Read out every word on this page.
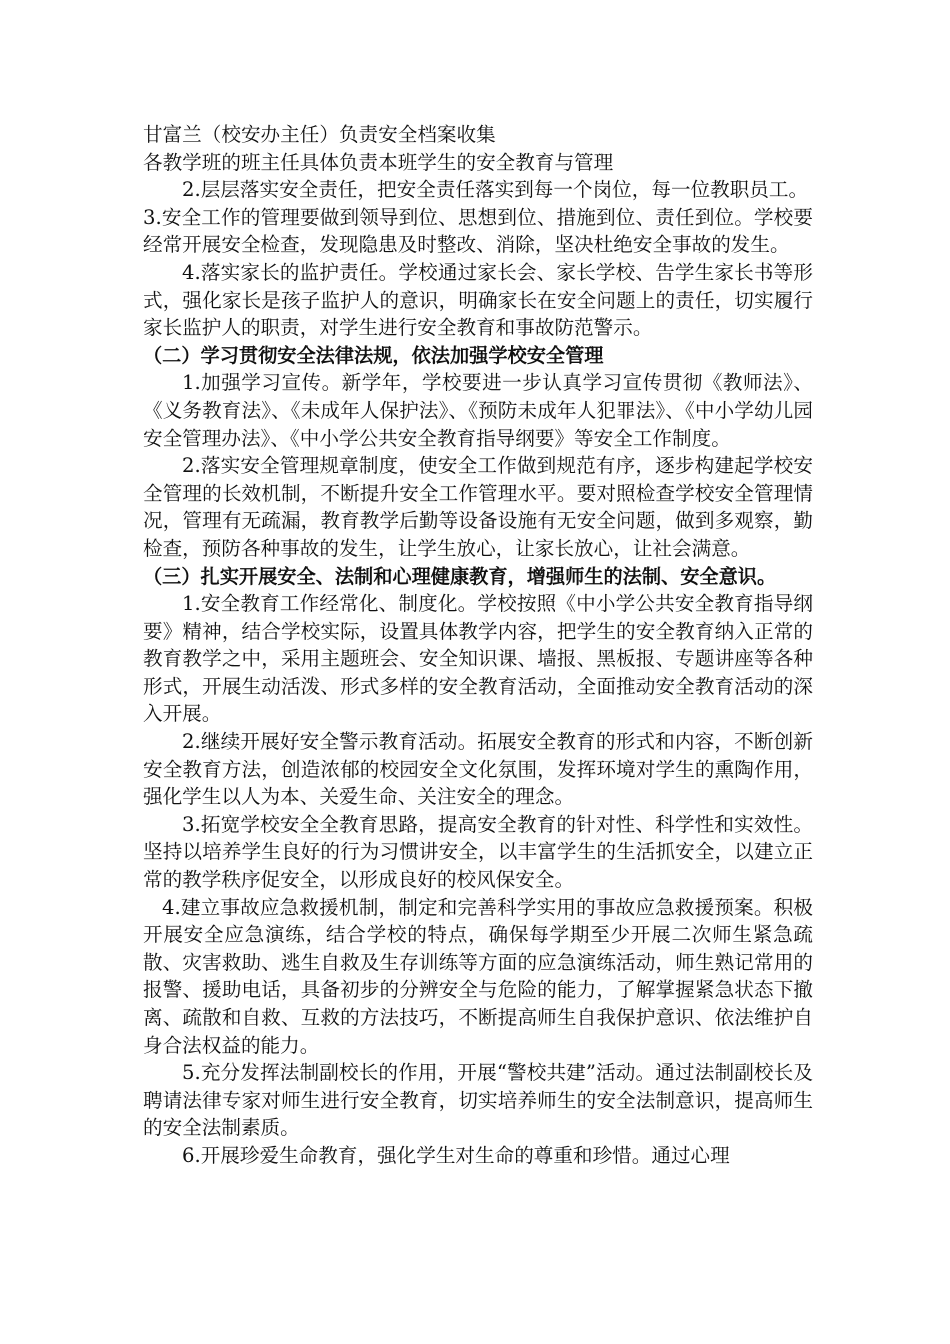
甘富兰（校安办主任）负责安全档案收集

各教学班的班主任具体负责本班学生的安全教育与管理

2.层层落实安全责任，把安全责任落实到每一个岗位，每一位教职员工。

3.安全工作的管理要做到领导到位、思想到位、措施到位、责任到位。学校要经常开展安全检查，发现隐患及时整改、消除，坚决杜绝安全事故的发生。

4.落实家长的监护责任。学校通过家长会、家长学校、告学生家长书等形式，强化家长是孩子监护人的意识，明确家长在安全问题上的责任，切实履行家长监护人的职责，对学生进行安全教育和事故防范警示。

（二）学习贯彻安全法律法规，依法加强学校安全管理

1.加强学习宣传。新学年，学校要进一步认真学习宣传贯彻《教师法》、《义务教育法》、《未成年人保护法》、《预防未成年人犯罪法》、《中小学幼儿园安全管理办法》、《中小学公共安全教育指导纲要》等安全工作制度。

2.落实安全管理规章制度，使安全工作做到规范有序，逐步构建起学校安全管理的长效机制，不断提升安全工作管理水平。要对照检查学校安全管理情况，管理有无疏漏，教育教学后勤等设备设施有无安全问题，做到多观察，勤检查，预防各种事故的发生，让学生放心，让家长放心，让社会满意。

（三）扎实开展安全、法制和心理健康教育，增强师生的法制、安全意识。

1.安全教育工作经常化、制度化。学校按照《中小学公共安全教育指导纲要》精神，结合学校实际，设置具体教学内容，把学生的安全教育纳入正常的教育教学之中，采用主题班会、安全知识课、墙报、黑板报、专题讲座等各种形式，开展生动活泼、形式多样的安全教育活动，全面推动安全教育活动的深入开展。

2.继续开展好安全警示教育活动。拓展安全教育的形式和内容，不断创新安全教育方法，创造浓郁的校园安全文化氛围，发挥环境对学生的熏陶作用，强化学生以人为本、关爱生命、关注安全的理念。

3.拓宽学校安全全教育思路，提高安全教育的针对性、科学性和实效性。坚持以培养学生良好的行为习惯讲安全，以丰富学生的生活抓安全，以建立正常的教学秩序促安全，以形成良好的校风保安全。

4.建立事故应急救援机制，制定和完善科学实用的事故应急救援预案。积极开展安全应急演练，结合学校的特点，确保每学期至少开展二次师生紧急疏散、灾害救助、逃生自救及生存训练等方面的应急演练活动，师生熟记常用的报警、援助电话，具备初步的分辨安全与危险的能力，了解掌握紧急状态下撤离、疏散和自救、互救的方法技巧，不断提高师生自我保护意识、依法维护自身合法权益的能力。

5.充分发挥法制副校长的作用，开展“警校共建”活动。通过法制副校长及聘请法律专家对师生进行安全教育，切实培养师生的安全法制意识，提高师生的安全法制素质。

6.开展珍爱生命教育，强化学生对生命的尊重和珍惜。通过心理
